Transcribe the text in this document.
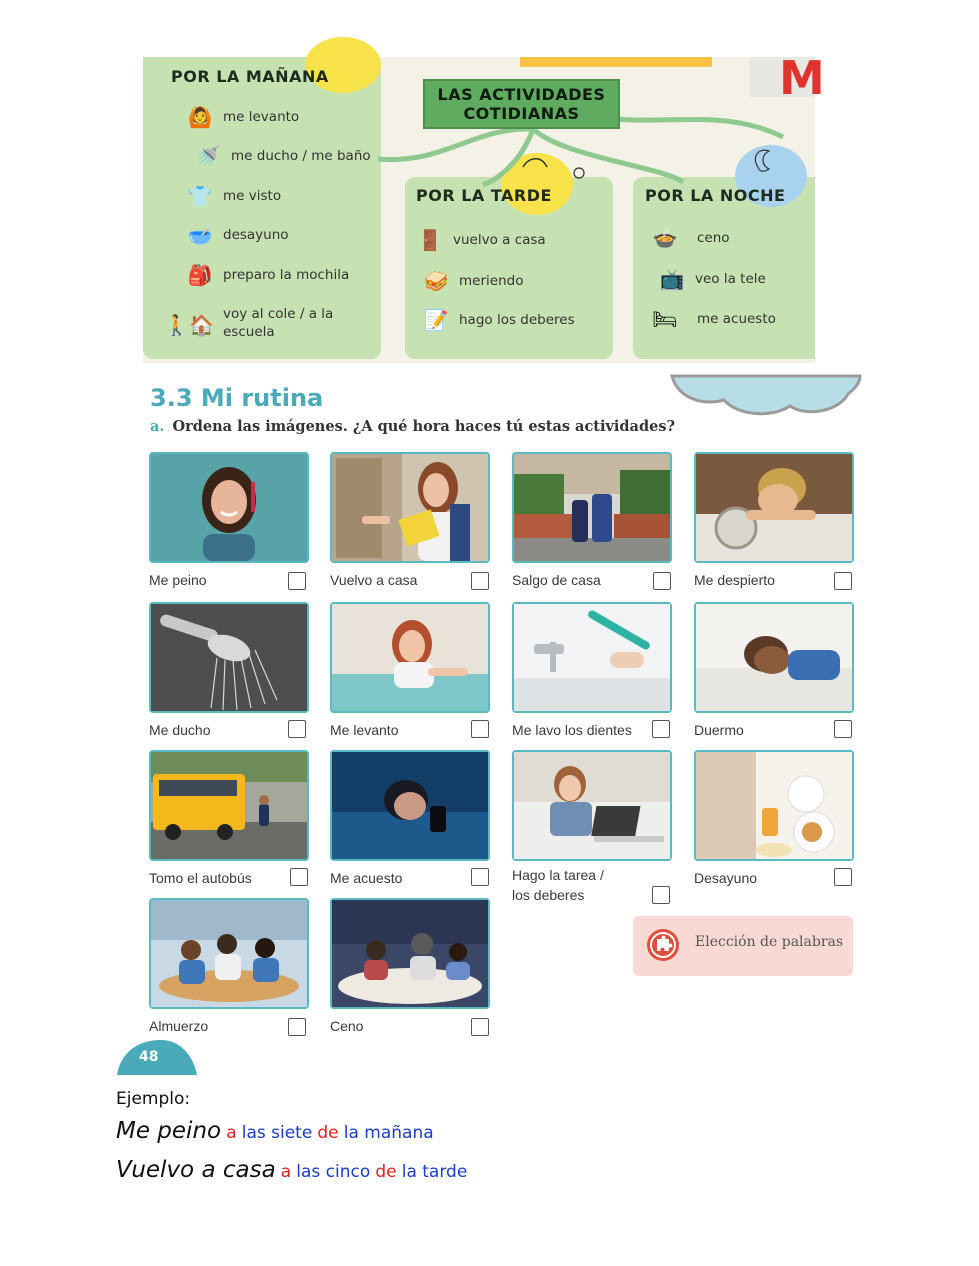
M
POR LA MAÑANA
POR LA TARDE	POR LA NOCHE
LAS ACTIVIDADES
COTIDIANAS
🙆 me levanto
🚿 me ducho / me baño
👕 me visto
🥣 desayuno
🎒 preparo la mochila
🚶🏠 voy al cole / a la
escuela
🚪 vuelvo a casa
🥪 meriendo
📝 hago los deberes
🍲	ceno
📺 veo la tele
🛏	me acuesto
3.3 Mi rutina
a. Ordena las imágenes. ¿A qué hora haces tú estas actividades?
Me peino	Vuelvo a casa	Salgo de casa	Me despierto
Me ducho	Me levanto	Me lavo los dientes	Duermo
Tomo el autobús	Me acuesto	Hago la tarea /
los deberes
Desayuno
Almuerzo	Ceno
Elección de palabras
48
Ejemplo:
Me peino a las siete de la mañana
Vuelvo a casa a las cinco de la tarde
